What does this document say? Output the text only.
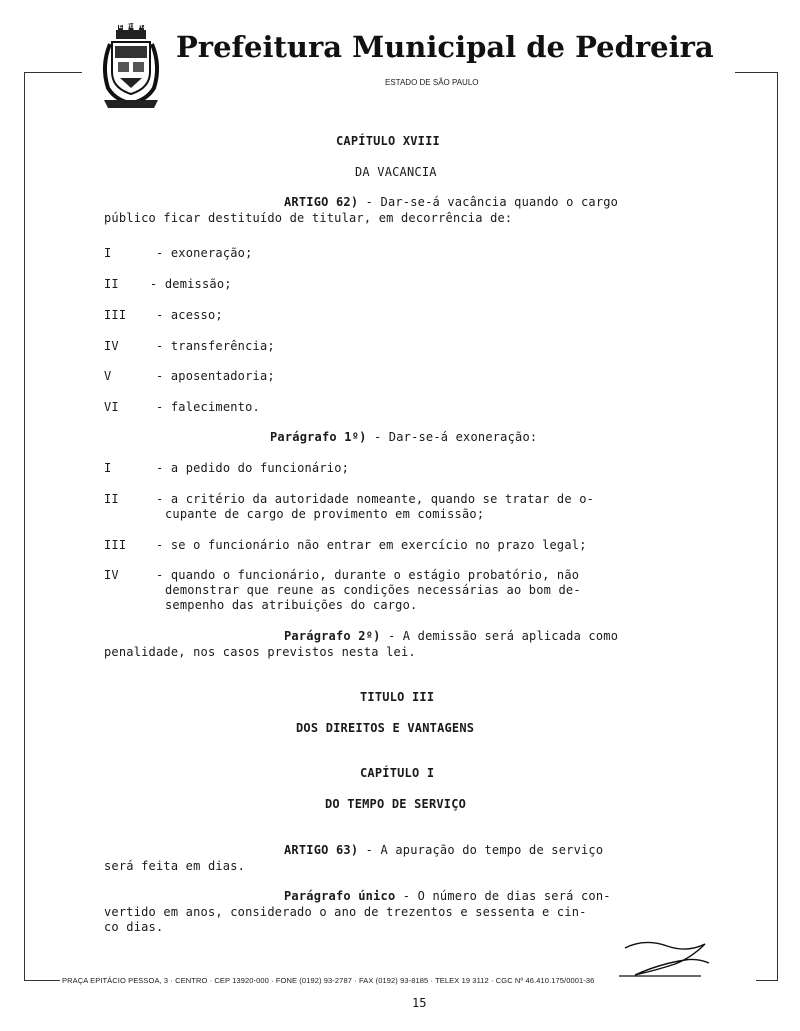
PEDREIRA
Prefeitura Municipal de Pedreira
ESTADO DE SÃO PAULO
CAPÍTULO XVIII
DA VACANCIA
ARTIGO 62) - Dar-se-á vacância quando o cargo
público ficar destituído de titular, em decorrência de:
I	- exoneração;
II	- demissão;
III - acesso;
IV	- transferência;
V	- aposentadoria;
VI	- falecimento.
Parágrafo 1º) - Dar-se-á exoneração:
I	- a pedido do funcionário;
II	- a critério da autoridade nomeante, quando se tratar de o-
cupante de cargo de provimento em comissão;
III - se o funcionário não entrar em exercício no prazo legal;
IV	- quando o funcionário, durante o estágio probatório, não
demonstrar que reune as condições necessárias ao bom de-
sempenho das atribuições do cargo.
Parágrafo 2º) - A demissão será aplicada como
penalidade, nos casos previstos nesta lei.
TITULO III
DOS DIREITOS E VANTAGENS
CAPÍTULO I
DO TEMPO DE SERVIÇO
ARTIGO 63) - A apuração do tempo de serviço
será feita em dias.
Parágrafo único - O número de dias será con-
vertido em anos, considerado o ano de trezentos e sessenta e cin-
co dias.
PRAÇA EPITÁCIO PESSOA, 3 · CENTRO · CEP 13920-000 · FONE (0192) 93-2787 · FAX (0192) 93-8185 · TELEX 19 3112 · CGC Nº 46.410.175/0001-36
15
